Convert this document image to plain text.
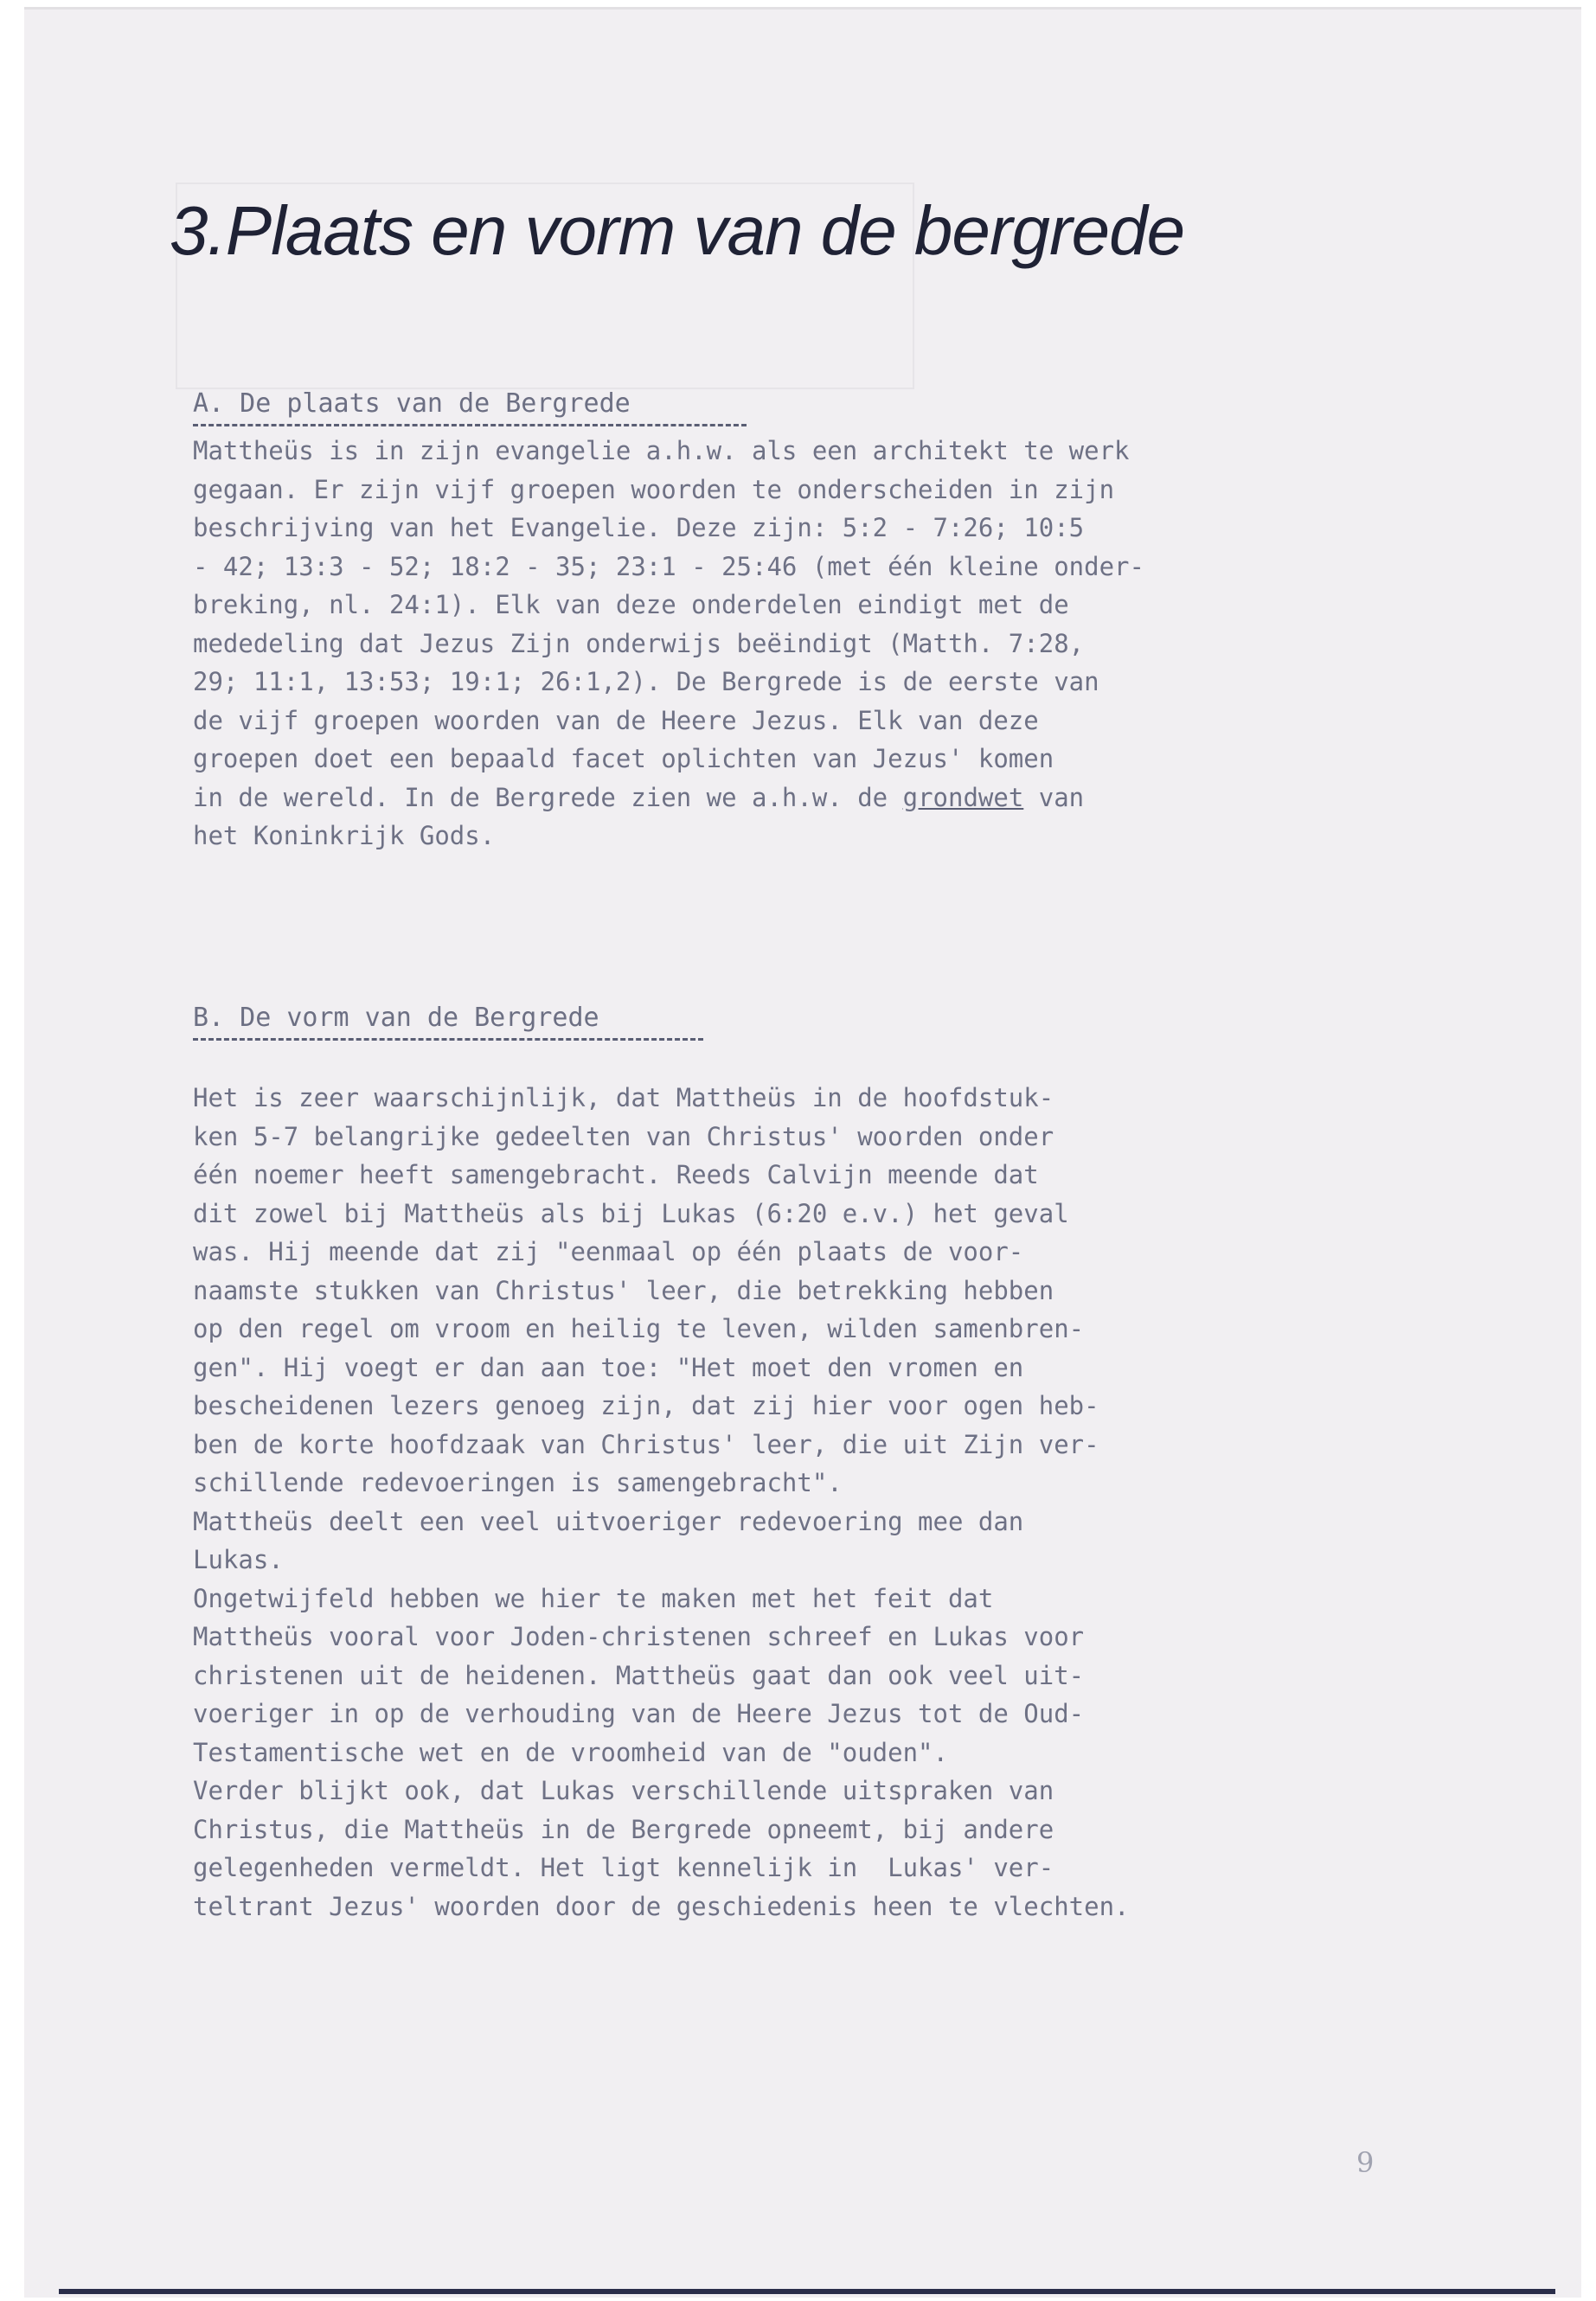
3.Plaats en vorm van de bergrede
A. De plaats van de Bergrede

Mattheüs is in zijn evangelie a.h.w. als een architekt te werk
gegaan. Er zijn vijf groepen woorden te onderscheiden in zijn
beschrijving van het Evangelie. Deze zijn: 5:2 - 7:26; 10:5
- 42; 13:3 - 52; 18:2 - 35; 23:1 - 25:46 (met één kleine onder-
breking, nl. 24:1). Elk van deze onderdelen eindigt met de
mededeling dat Jezus Zijn onderwijs beëindigt (Matth. 7:28,
29; 11:1, 13:53; 19:1; 26:1,2). De Bergrede is de eerste van
de vijf groepen woorden van de Heere Jezus. Elk van deze
groepen doet een bepaald facet oplichten van Jezus' komen
in de wereld. In de Bergrede zien we a.h.w. de grondwet van
het Koninkrijk Gods.

B. De vorm van de Bergrede

Het is zeer waarschijnlijk, dat Mattheüs in de hoofdstuk-
ken 5-7 belangrijke gedeelten van Christus' woorden onder
één noemer heeft samengebracht. Reeds Calvijn meende dat
dit zowel bij Mattheüs als bij Lukas (6:20 e.v.) het geval
was. Hij meende dat zij "eenmaal op één plaats de voor-
naamste stukken van Christus' leer, die betrekking hebben
op den regel om vroom en heilig te leven, wilden samenbren-
gen". Hij voegt er dan aan toe: "Het moet den vromen en
bescheidenen lezers genoeg zijn, dat zij hier voor ogen heb-
ben de korte hoofdzaak van Christus' leer, die uit Zijn ver-
schillende redevoeringen is samengebracht".
Mattheüs deelt een veel uitvoeriger redevoering mee dan
Lukas.
Ongetwijfeld hebben we hier te maken met het feit dat
Mattheüs vooral voor Joden-christenen schreef en Lukas voor
christenen uit de heidenen. Mattheüs gaat dan ook veel uit-
voeriger in op de verhouding van de Heere Jezus tot de Oud-
Testamentische wet en de vroomheid van de "ouden".
Verder blijkt ook, dat Lukas verschillende uitspraken van
Christus, die Mattheüs in de Bergrede opneemt, bij andere
gelegenheden vermeldt. Het ligt kennelijk in  Lukas' ver-
teltrant Jezus' woorden door de geschiedenis heen te vlechten.

9
